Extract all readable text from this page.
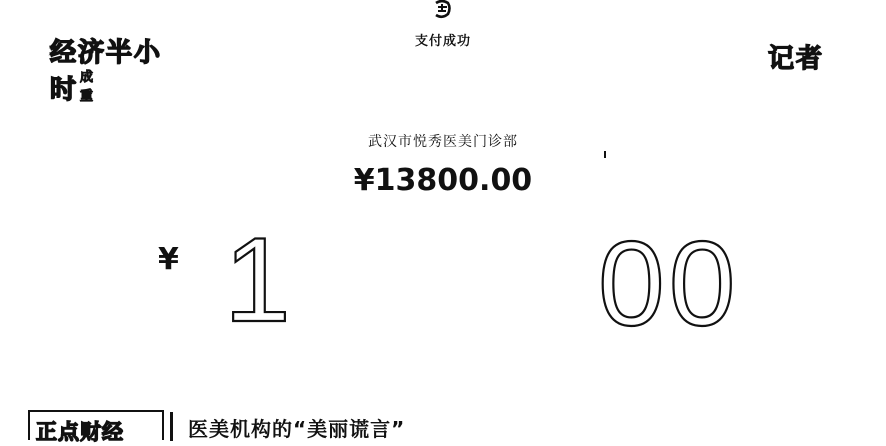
支付成功
经济半小时 成 重
记者
武汉市悦秀医美门诊部
¥13800.00
¥ 1	00
正点财经	医美机构的“美丽谎言”
